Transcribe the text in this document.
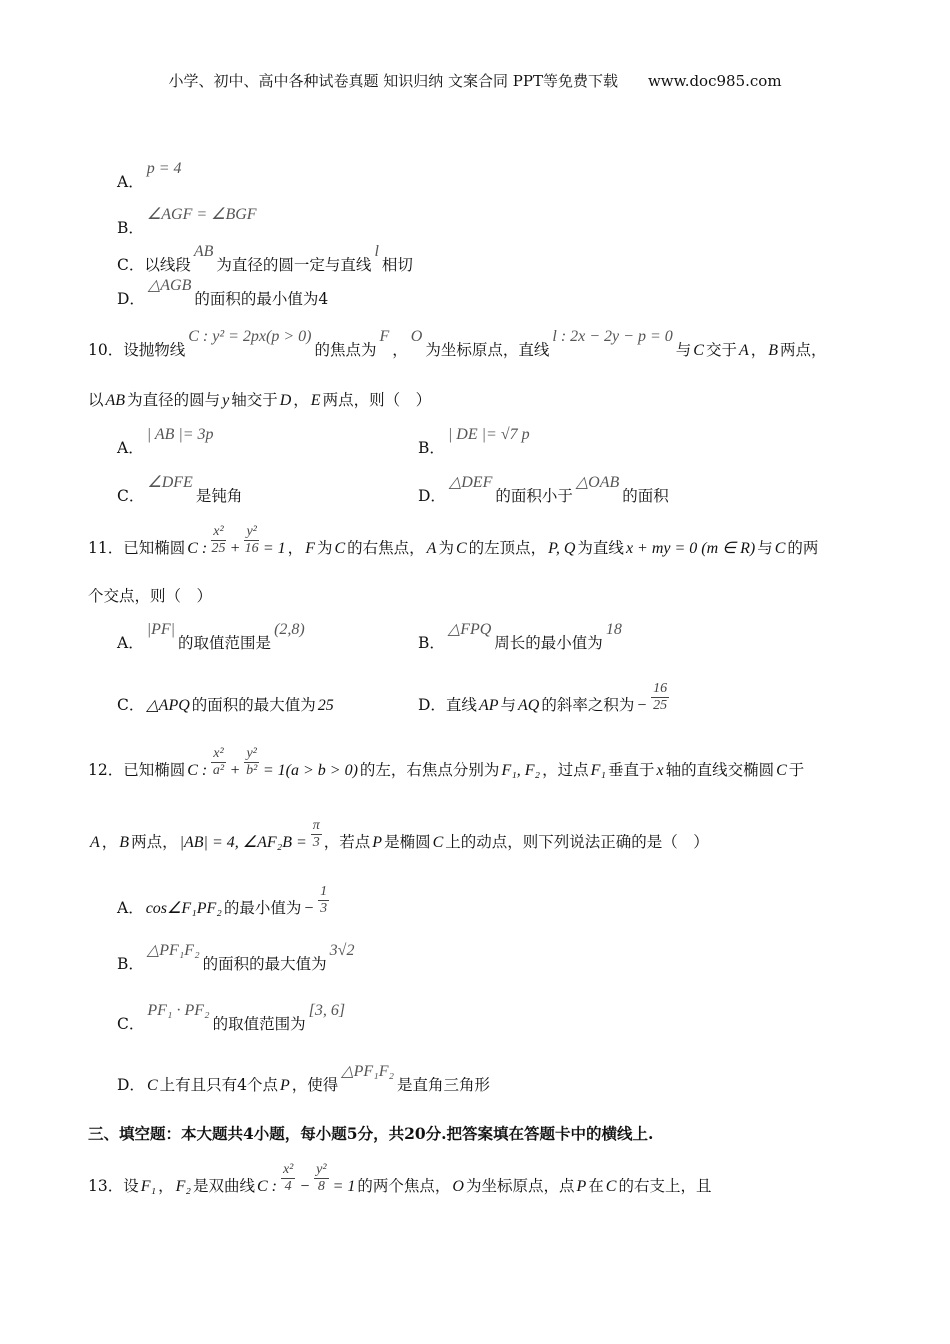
小学、初中、高中各种试卷真题 知识归纳 文案合同 PPT等免费下载　　www.doc985.com
A．
p = 4
B．
∠AGF = ∠BGF
C．以线段
AB
为直径的圆一定与直线
l
相切
D．
△AGB
的面积的最小值为4
10．设抛物线
C : y² = 2px(p > 0)
的焦点为
F
，
O
为坐标原点，直线
l : 2x − 2y − p = 0
与 C 交于 A ， B 两点，
以 AB 为直径的圆与 y 轴交于 D ， E 两点，则（　）
A．
| AB |= 3p
B．
| DE |= √7 p
C．
∠DFE
是钝角	D．
△DEF
的面积小于
△OAB
的面积
11．已知椭圆 C : $\frac{\text{x²}}{25} + \frac{\text{y²}}{16} = 1$ ， F 为 C 的右焦点， A 为 C 的左顶点， P, Q 为直线 x + my = 0 (m ∈ R) 与 C 的两
个交点，则（　）
A．
|PF|
的取值范围是
(2,8)
B．
△FPQ
周长的最小值为
18
C． △APQ 的面积的最大值为 25	D．直线 AP 与 AQ 的斜率之积为 − $\frac{16}{25}$
12．已知椭圆 C : $\frac{\text{x²}}{\text{a²}} + \frac{\text{y²}}{\text{b²}} = 1(a > b > 0)$ 的左，右焦点分别为 F₁, F₂ ，过点 F₁ 垂直于 x 轴的直线交椭圆 C 于
A ， B 两点， |AB| = 4, ∠AF₂B = $\frac{\pi}{3}$ ，若点 P 是椭圆 C 上的动点，则下列说法正确的是（　）
A． cos∠F₁PF₂ 的最小值为 − $\frac{1}{3}$
B．
△PF₁F₂
的面积的最大值为
3√2
C．
PF₁ · PF₂
的取值范围为
[3, 6]
D． C 上有且只有4个点 P ，使得
△PF₁F₂
是直角三角形
三、填空题：本大题共4小题，每小题5分，共20分.把答案填在答题卡中的横线上.
13．设 F₁ ， F₂ 是双曲线 C : $\frac{\text{x²}}{4} - \frac{\text{y²}}{8} = 1$ 的两个焦点， O 为坐标原点，点 P 在 C 的右支上，且
